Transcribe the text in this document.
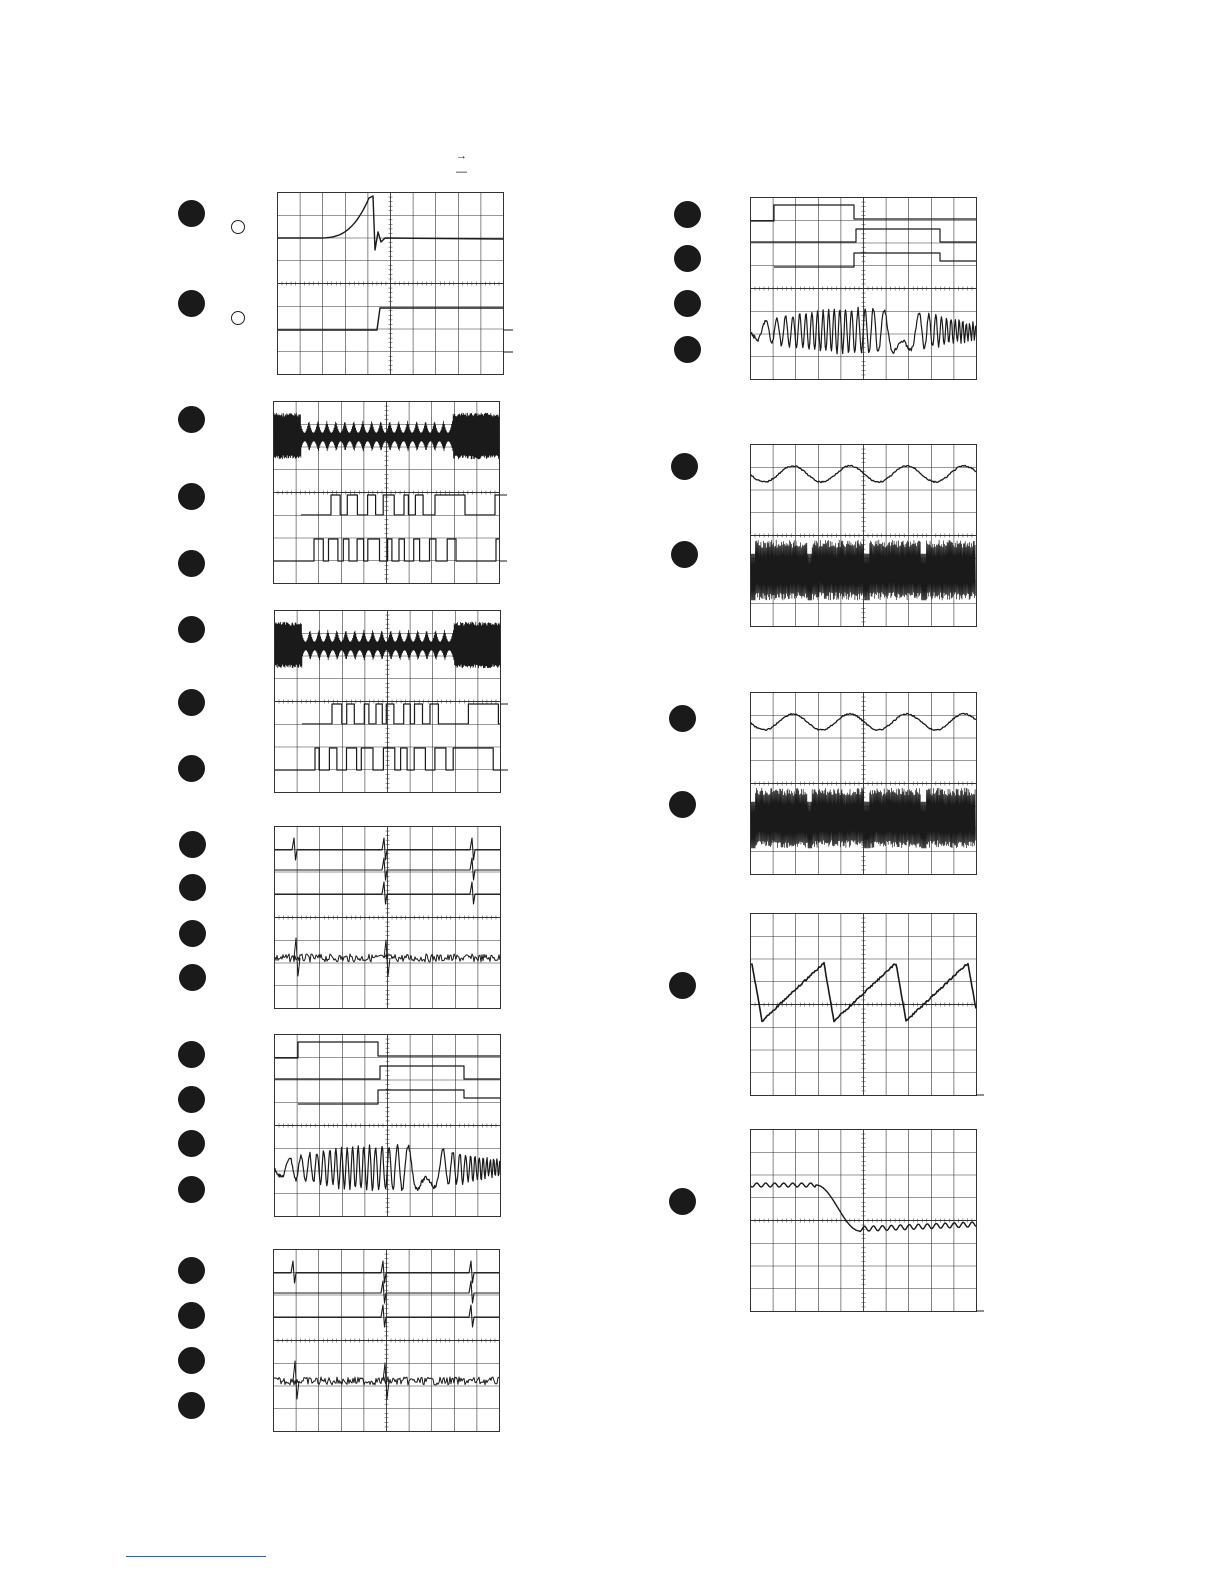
→
—
